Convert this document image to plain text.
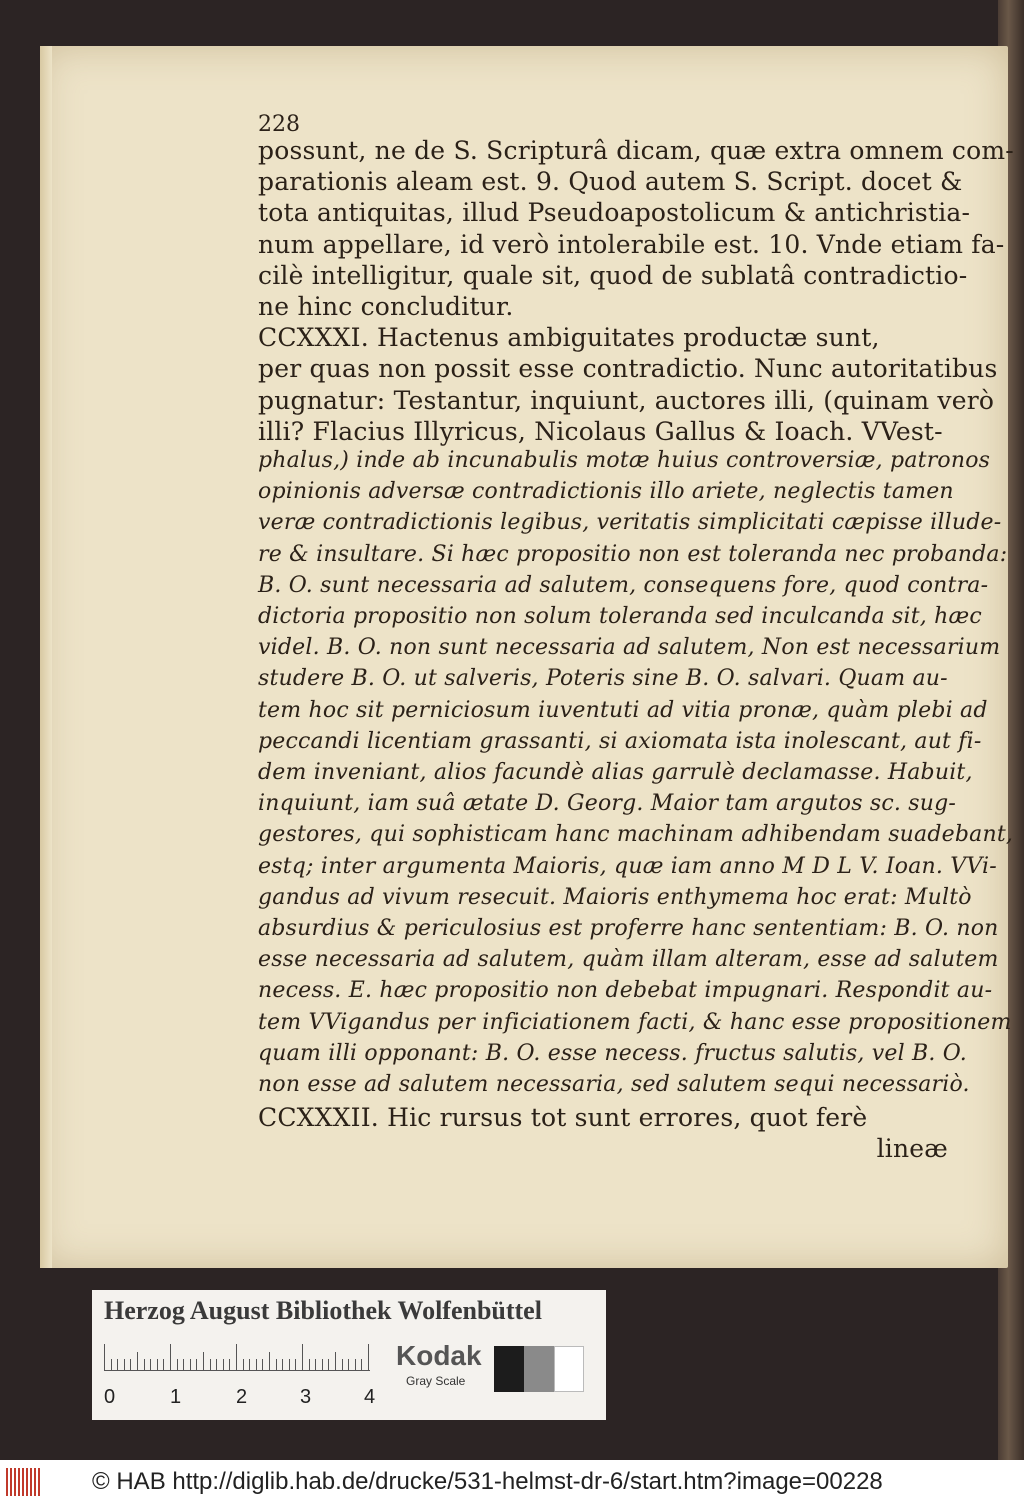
228
possunt, ne de S. Scripturâ dicam, quæ extra omnem com-
parationis aleam est. 9. Quod autem S. Script. docet &
tota antiquitas, illud Pseudoapostolicum & antichristia-
num appellare, id verò intolerabile est. 10. Vnde etiam fa-
cilè intelligitur, quale sit, quod de sublatâ contradictio-
ne hinc concluditur.
CCXXXI. Hactenus ambiguitates productæ sunt,
per quas non possit esse contradictio. Nunc autoritatibus
pugnatur: Testantur, inquiunt, auctores illi, (quinam verò
illi? Flacius Illyricus, Nicolaus Gallus & Ioach. VVest-
phalus,) inde ab incunabulis motæ huius controversiæ, patronos
opinionis adversæ contradictionis illo ariete, neglectis tamen
veræ contradictionis legibus, veritatis simplicitati cæpisse illude-
re & insultare. Si hæc propositio non est toleranda nec probanda:
B. O. sunt necessaria ad salutem, consequens fore, quod contra-
dictoria propositio non solum toleranda sed inculcanda sit, hæc
videl. B. O. non sunt necessaria ad salutem, Non est necessarium
studere B. O. ut salveris, Poteris sine B. O. salvari. Quam au-
tem hoc sit perniciosum iuventuti ad vitia pronæ, quàm plebi ad
peccandi licentiam grassanti, si axiomata ista inolescant, aut fi-
dem inveniant, alios facundè alias garrulè declamasse. Habuit,
inquiunt, iam suâ ætate D. Georg. Maior tam argutos sc. sug-
gestores, qui sophisticam hanc machinam adhibendam suadebant,
estq; inter argumenta Maioris, quæ iam anno M D L V. Ioan. VVi-
gandus ad vivum resecuit. Maioris enthymema hoc erat: Multò
absurdius & periculosius est proferre hanc sententiam: B. O. non
esse necessaria ad salutem, quàm illam alteram, esse ad salutem
necess. E. hæc propositio non debebat impugnari. Respondit au-
tem VVigandus per inficiationem facti, & hanc esse propositionem
quam illi opponant: B. O. esse necess. fructus salutis, vel B. O.
non esse ad salutem necessaria, sed salutem sequi necessariò.
CCXXXII. Hic rursus tot sunt errores, quot ferè
lineæ
Herzog August Bibliothek Wolfenbüttel
0	1	2	3	4
Kodak
Gray Scale
© HAB http://diglib.hab.de/drucke/531-helmst-dr-6/start.htm?image=00228
